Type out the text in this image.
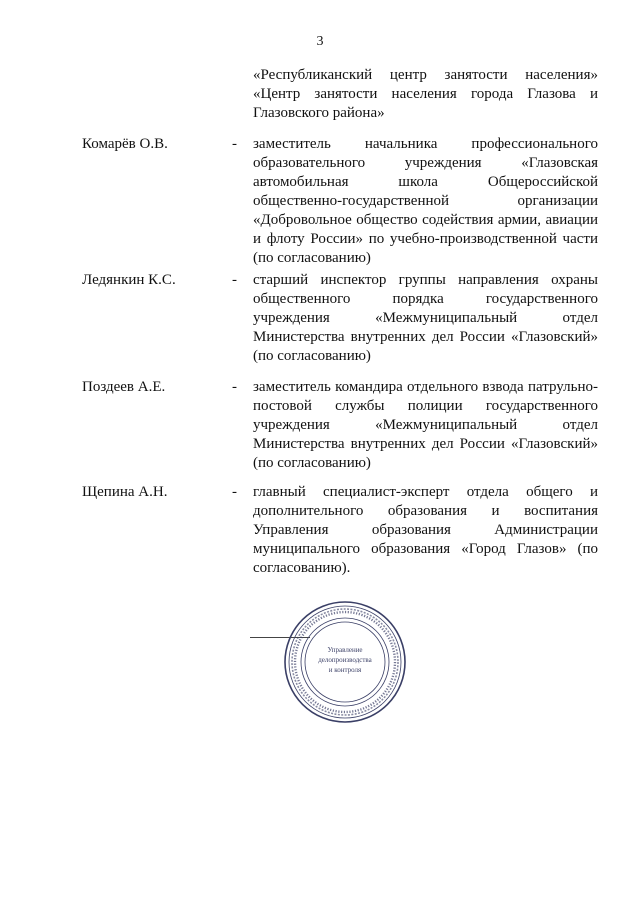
3
«Республиканский центр занятости населения» «Центр занятости населения города Глазова и Глазовского района»
Комарёв О.В.	- заместитель начальника профессионального образовательного учреждения «Глазовская автомобильная школа Общероссийской общественно-государственной организации «Добровольное общество содействия армии, авиации и флоту России» по учебно-производственной части (по согласованию)
Ледянкин К.С.	- старший инспектор группы направления охраны общественного порядка государственного учреждения «Межмуниципальный отдел Министерства внутренних дел России «Глазовский» (по согласованию)
Поздеев А.Е.	- заместитель командира отдельного взвода патрульно-постовой службы полиции государственного учреждения «Межмуниципальный отдел Министерства внутренних дел России «Глазовский» (по согласованию)
Щепина А.Н.	- главный специалист-эксперт отдела общего и дополнительного образования и воспитания Управления образования Администрации муниципального образования «Город Глазов» (по согласованию).
Управление
делопроизводства
и контроля
